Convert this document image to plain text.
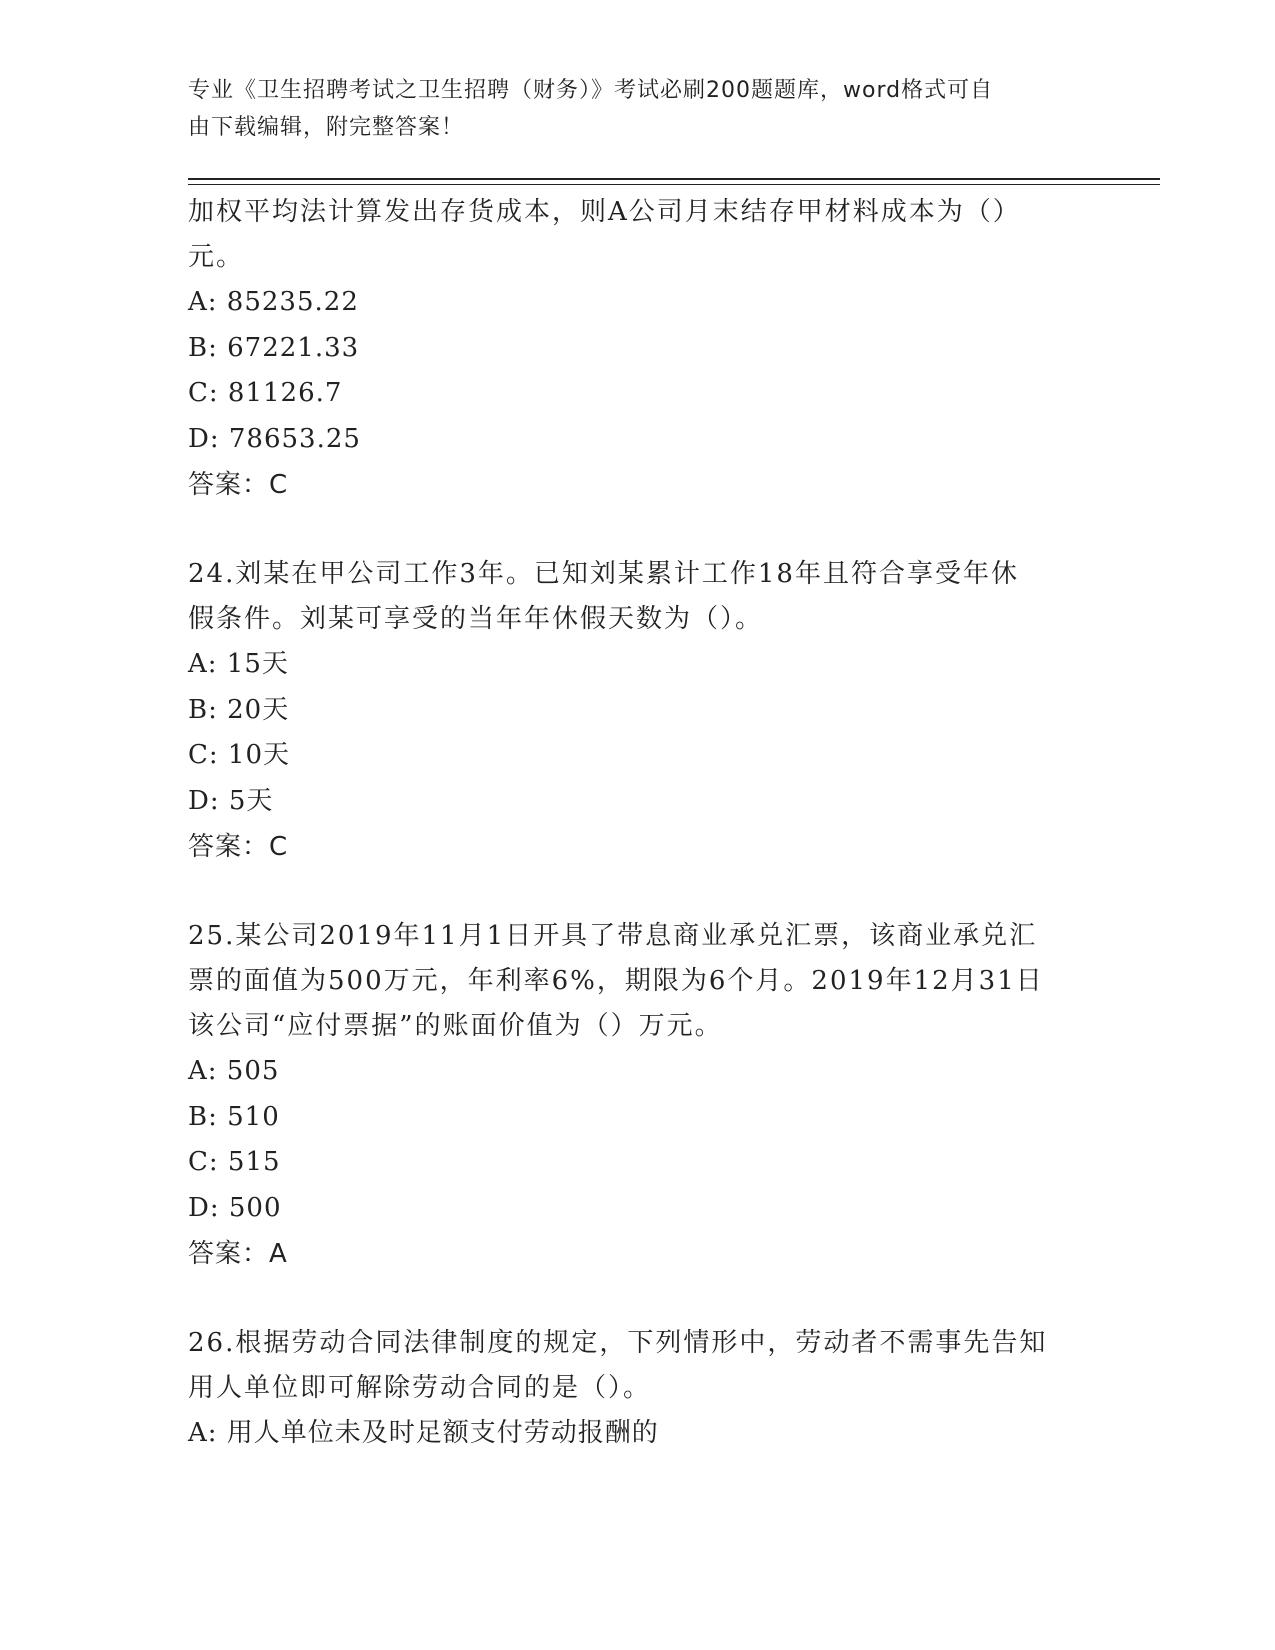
专业《卫生招聘考试之卫生招聘（财务）》考试必刷200题题库，word格式可自
由下载编辑，附完整答案！

加权平均法计算发出存货成本，则A公司月末结存甲材料成本为（）

元。

A: 85235.22

B: 67221.33

C: 81126.7

D: 78653.25

答案：C

24.刘某在甲公司工作3年。已知刘某累计工作18年且符合享受年休

假条件。刘某可享受的当年年休假天数为（）。

A: 15天

B: 20天

C: 10天

D: 5天

答案：C

25.某公司2019年11月1日开具了带息商业承兑汇票，该商业承兑汇

票的面值为500万元，年利率6%，期限为6个月。2019年12月31日

该公司“应付票据”的账面价值为（）万元。

A: 505

B: 510

C: 515

D: 500

答案：A

26.根据劳动合同法律制度的规定，下列情形中，劳动者不需事先告知

用人单位即可解除劳动合同的是（）。

A: 用人单位未及时足额支付劳动报酬的
